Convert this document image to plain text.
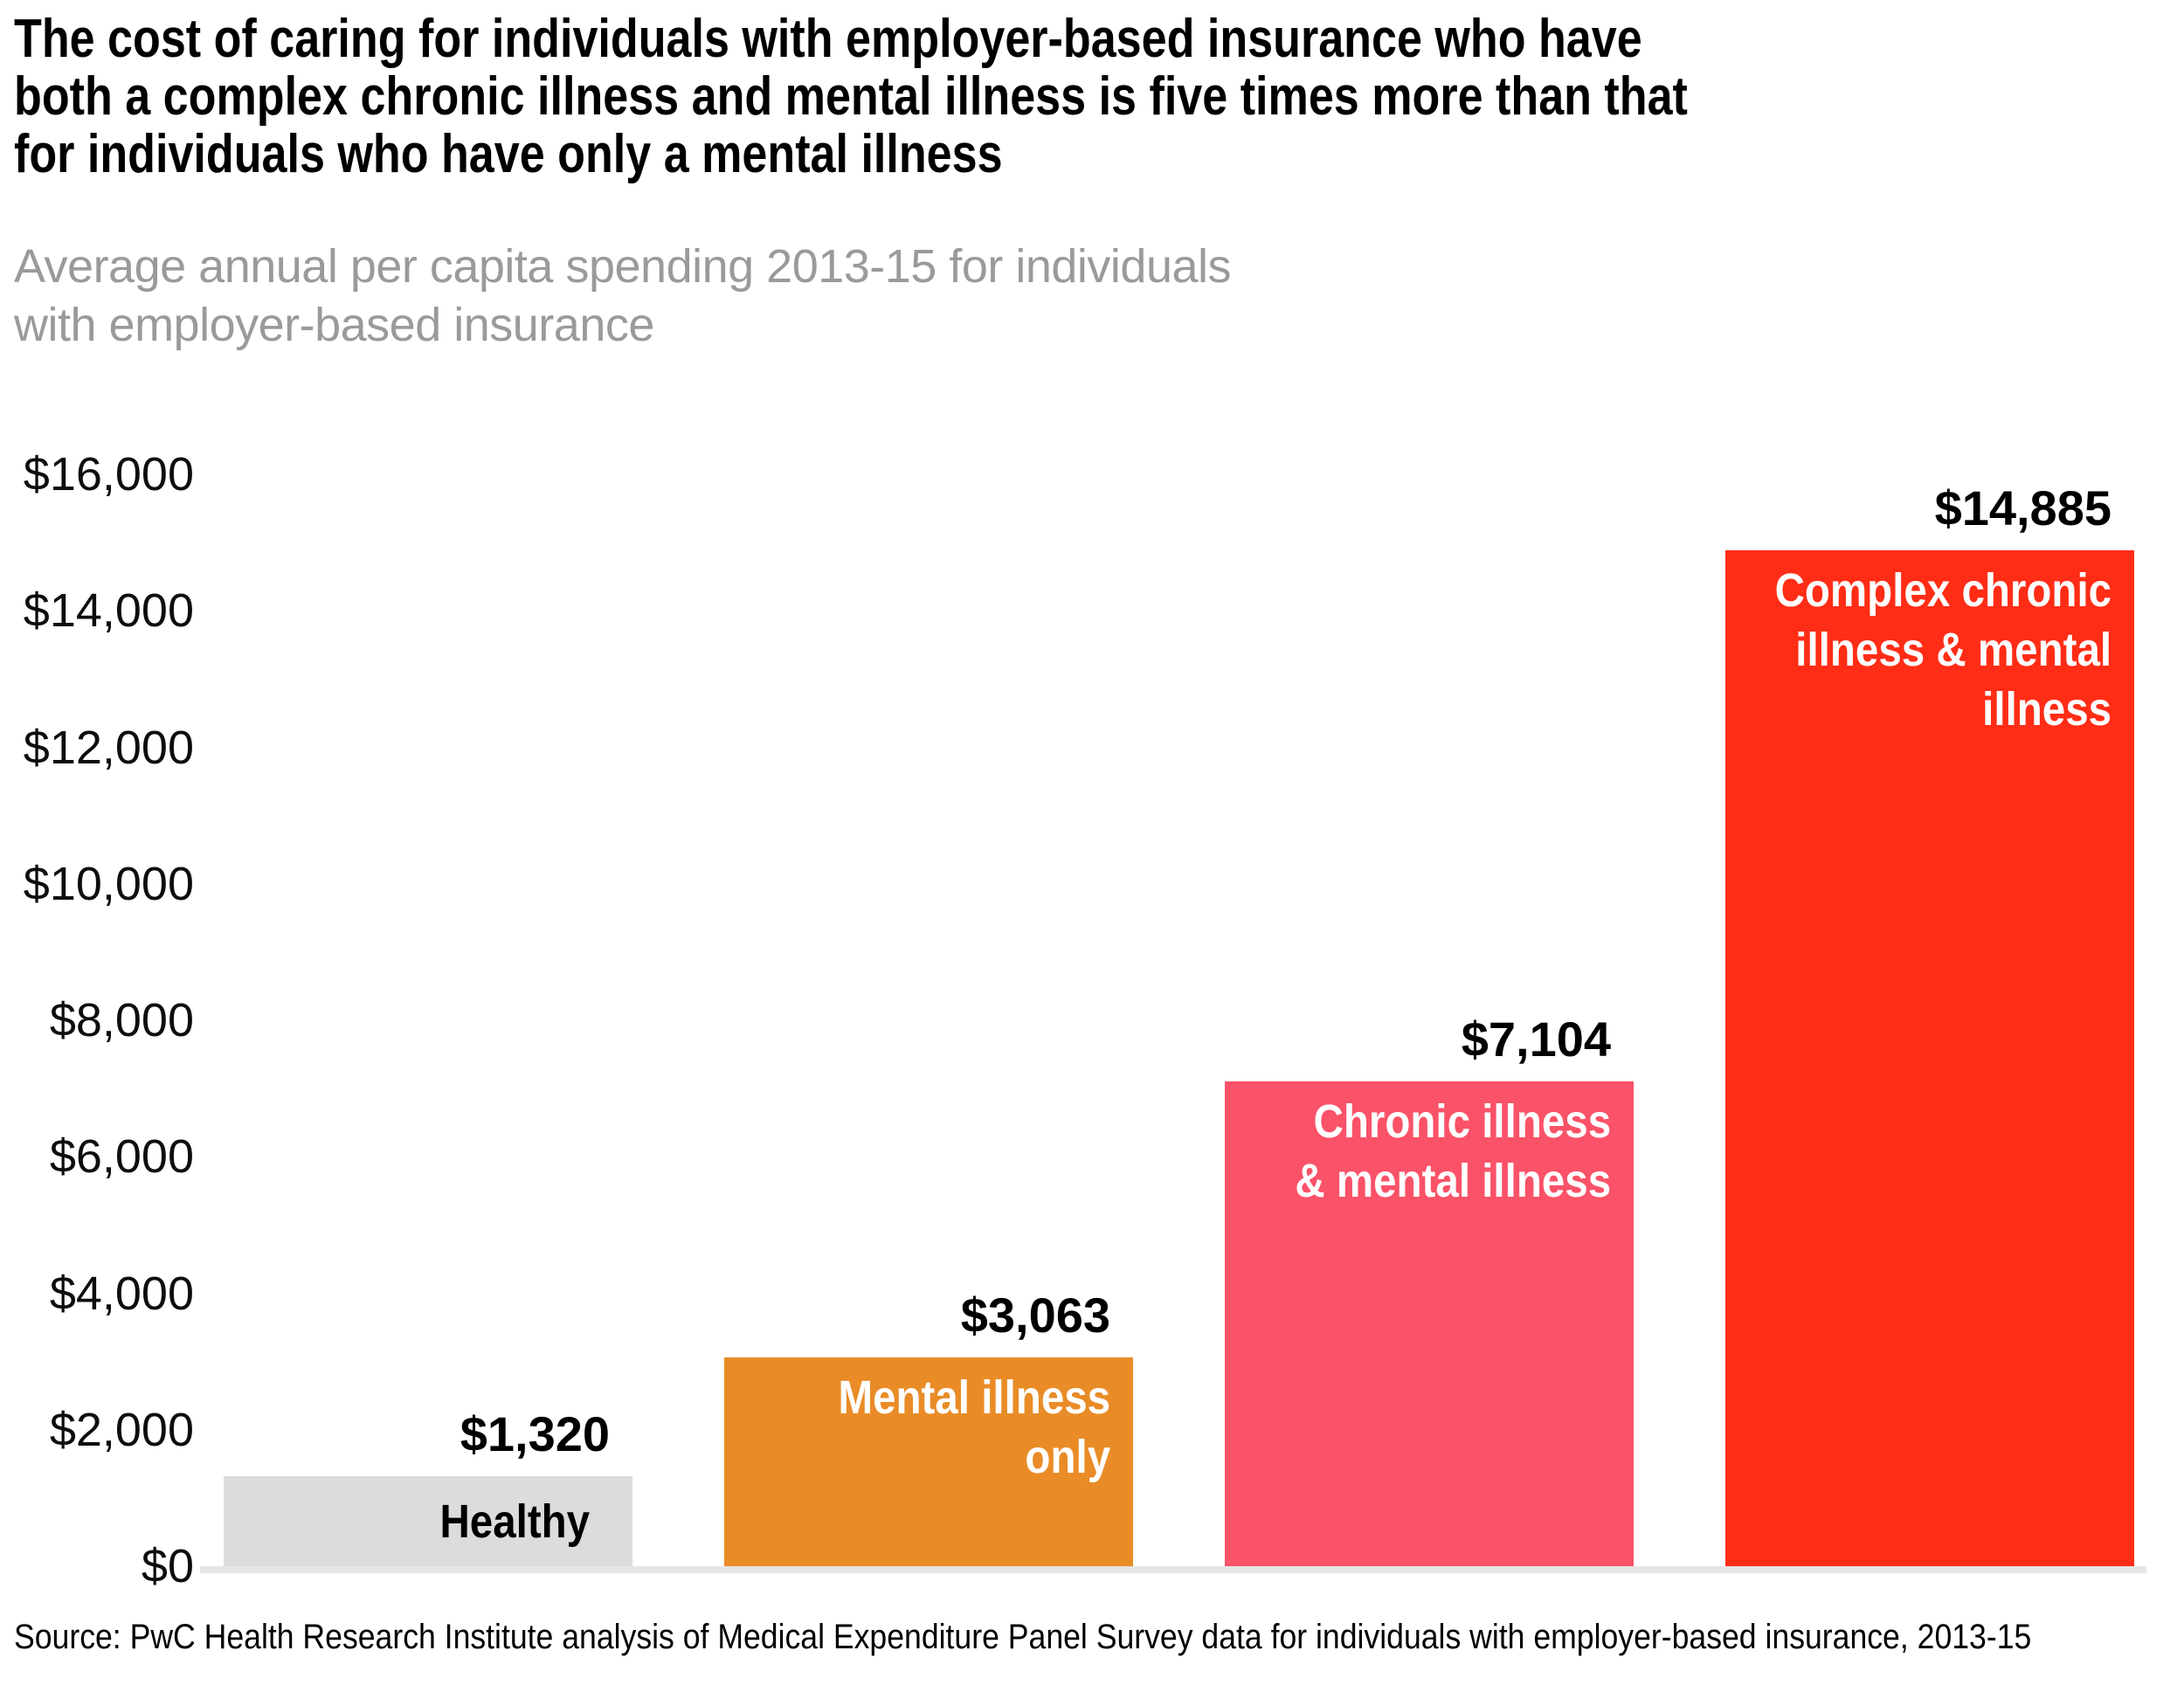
The cost of caring for individuals with employer-based insurance who have
both a complex chronic illness and mental illness is five times more than that
for individuals who have only a mental illness
Average annual per capita spending 2013-15 for individuals
with employer-based insurance
$0
$2,000
$4,000
$6,000
$8,000
$10,000
$12,000
$14,000
$16,000
$1,320
Healthy
$3,063
Mental illness
only
$7,104
Chronic illness
& mental illness
$14,885
Complex chronic
illness & mental
illness
Source: PwC Health Research Institute analysis of Medical Expenditure Panel Survey data for individuals with employer-based insurance, 2013-15
